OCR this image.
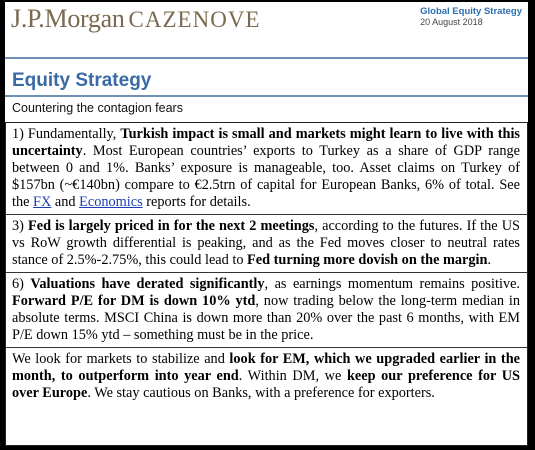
J.P.Morgan CAZENOVE	Global Equity Strategy
20 August 2018
Equity Strategy
Countering the contagion fears

1) Fundamentally, Turkish impact is small and markets might learn to live with this uncertainty. Most European countries’ exports to Turkey as a share of GDP range between 0 and 1%. Banks’ exposure is manageable, too. Asset claims on Turkey of $157bn (~€140bn) compare to €2.5trn of capital for European Banks, 6% of total. See the FX and Economics reports for details.

3) Fed is largely priced in for the next 2 meetings, according to the futures. If the US vs RoW growth differential is peaking, and as the Fed moves closer to neutral rates stance of 2.5%-2.75%, this could lead to Fed turning more dovish on the margin.

6) Valuations have derated significantly, as earnings momentum remains positive. Forward P/E for DM is down 10% ytd, now trading below the long-term median in absolute terms. MSCI China is down more than 20% over the past 6 months, with EM P/E down 15% ytd – something must be in the price.

We look for markets to stabilize and look for EM, which we upgraded earlier in the month, to outperform into year end. Within DM, we keep our preference for US over Europe. We stay cautious on Banks, with a preference for exporters.
